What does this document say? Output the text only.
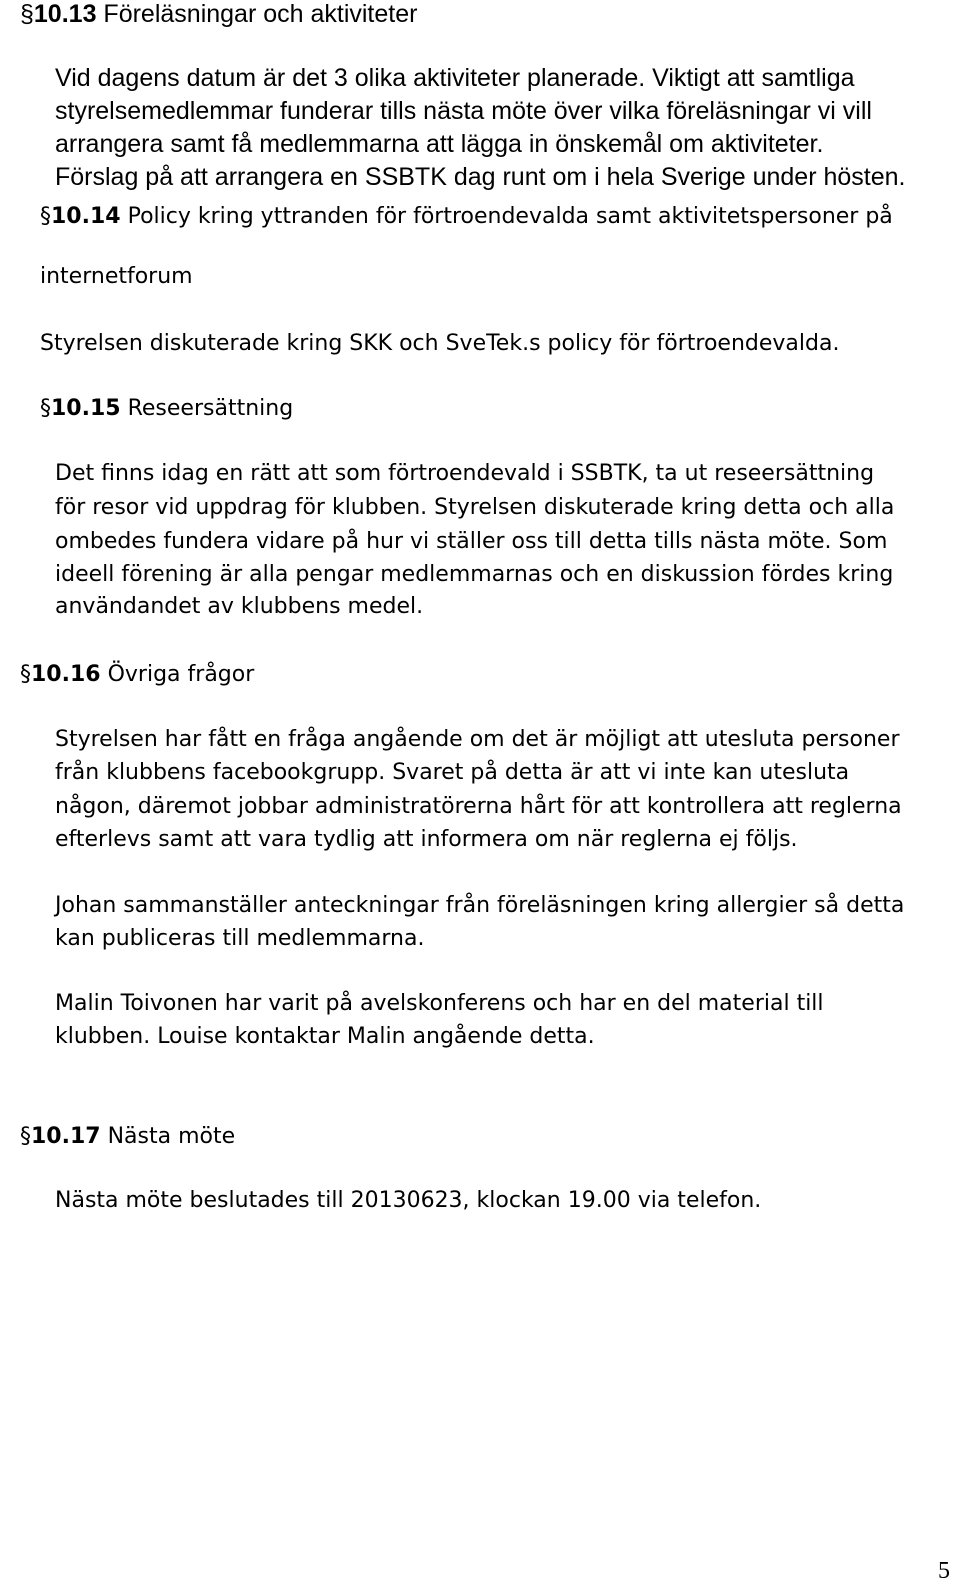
§10.13 Föreläsningar och aktiviteter
Vid dagens datum är det 3 olika aktiviteter planerade. Viktigt att samtliga
styrelsemedlemmar funderar tills nästa möte över vilka föreläsningar vi vill
arrangera samt få medlemmarna att lägga in önskemål om aktiviteter.
Förslag på att arrangera en SSBTK dag runt om i hela Sverige under hösten.
§10.14 Policy kring yttranden för förtroendevalda samt aktivitetspersoner på
internetforum
Styrelsen diskuterade kring SKK och SveTek.s policy för förtroendevalda.
§10.15 Reseersättning
Det finns idag en rätt att som förtroendevald i SSBTK, ta ut reseersättning
för resor vid uppdrag för klubben. Styrelsen diskuterade kring detta och alla
ombedes fundera vidare på hur vi ställer oss till detta tills nästa möte. Som
ideell förening är alla pengar medlemmarnas och en diskussion fördes kring
användandet av klubbens medel.
§10.16 Övriga frågor
Styrelsen har fått en fråga angående om det är möjligt att utesluta personer
från klubbens facebookgrupp. Svaret på detta är att vi inte kan utesluta
någon, däremot jobbar administratörerna hårt för att kontrollera att reglerna
efterlevs samt att vara tydlig att informera om när reglerna ej följs.
Johan sammanställer anteckningar från föreläsningen kring allergier så detta
kan publiceras till medlemmarna.
Malin Toivonen har varit på avelskonferens och har en del material till
klubben. Louise kontaktar Malin angående detta.
§10.17 Nästa möte
Nästa möte beslutades till 20130623, klockan 19.00 via telefon.
5
